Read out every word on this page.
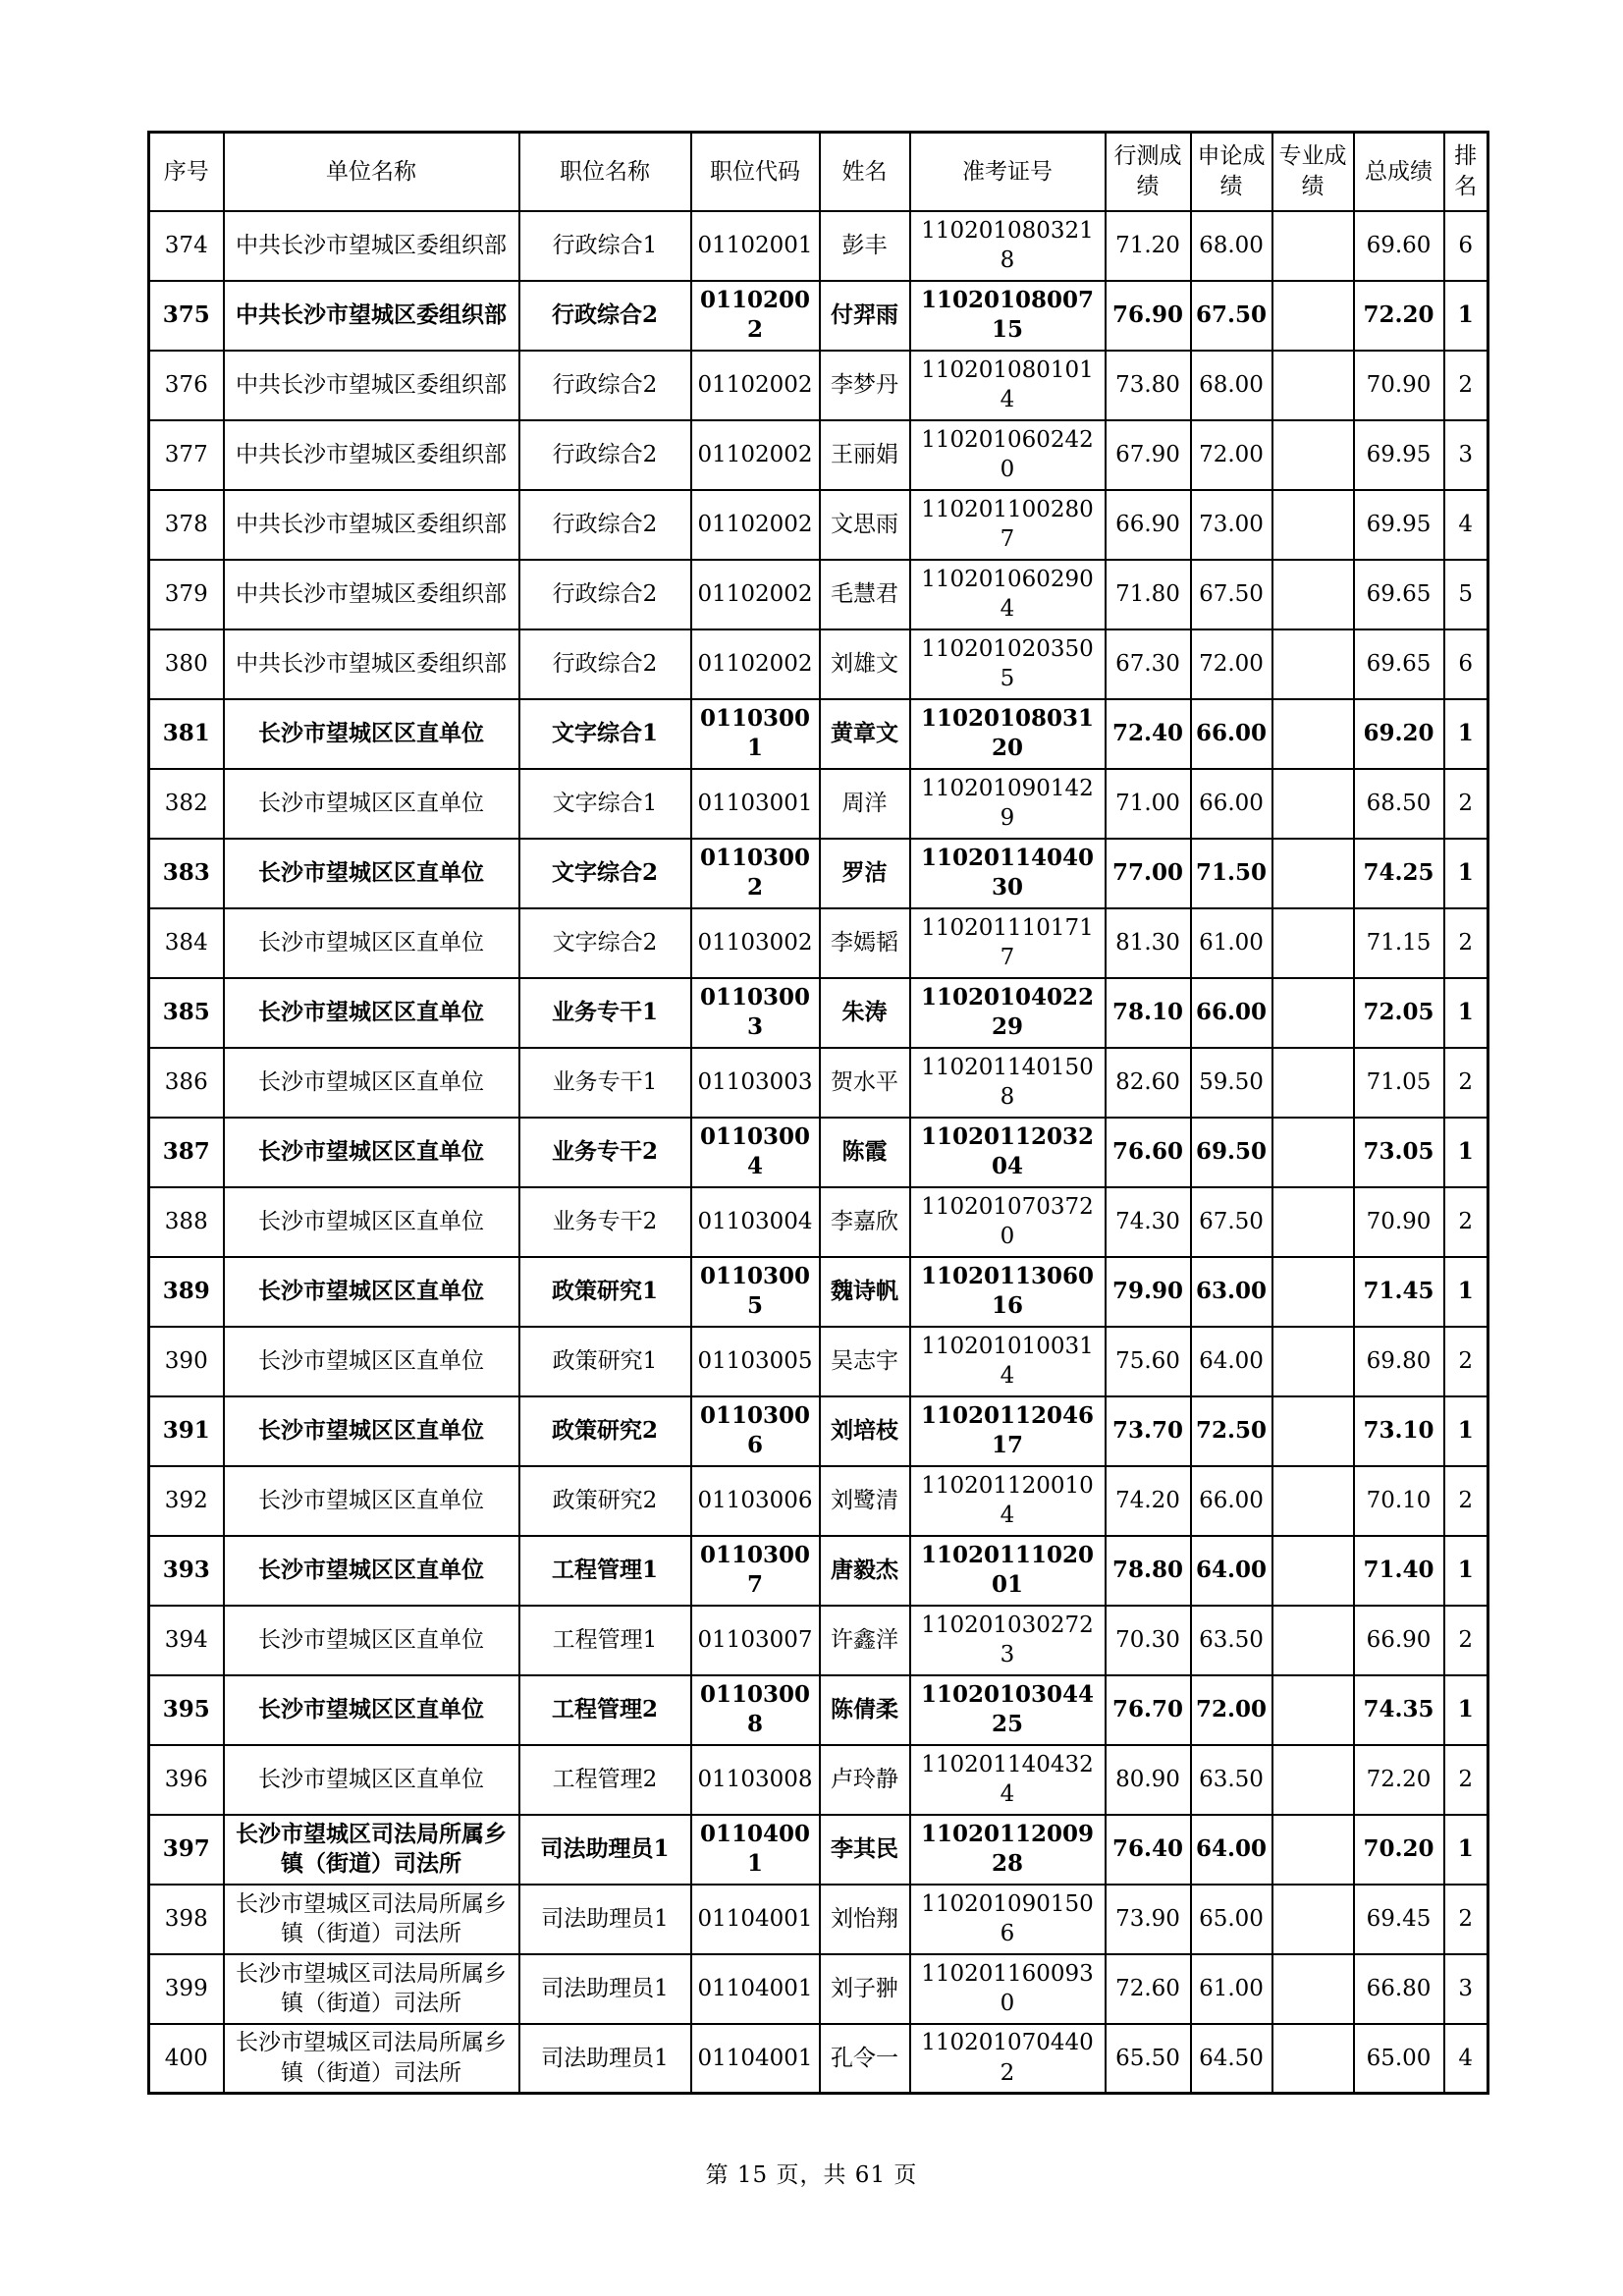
序号	单位名称	职位名称	职位代码	姓名	准考证号	行测成绩	申论成绩	专业成绩	总成绩	排名
374	中共长沙市望城区委组织部	行政综合1	01102001	彭丰	1102010803218	71.20	68.00		69.60	6
375	中共长沙市望城区委组织部	行政综合2	01102002	付羿雨	1102010800715	76.90	67.50		72.20	1
376	中共长沙市望城区委组织部	行政综合2	01102002	李梦丹	1102010801014	73.80	68.00		70.90	2
377	中共长沙市望城区委组织部	行政综合2	01102002	王丽娟	1102010602420	67.90	72.00		69.95	3
378	中共长沙市望城区委组织部	行政综合2	01102002	文思雨	1102011002807	66.90	73.00		69.95	4
379	中共长沙市望城区委组织部	行政综合2	01102002	毛慧君	1102010602904	71.80	67.50		69.65	5
380	中共长沙市望城区委组织部	行政综合2	01102002	刘雄文	1102010203505	67.30	72.00		69.65	6
381	长沙市望城区区直单位	文字综合1	01103001	黄章文	1102010803120	72.40	66.00		69.20	1
382	长沙市望城区区直单位	文字综合1	01103001	周洋	1102010901429	71.00	66.00		68.50	2
383	长沙市望城区区直单位	文字综合2	01103002	罗洁	1102011404030	77.00	71.50		74.25	1
384	长沙市望城区区直单位	文字综合2	01103002	李嫣韬	1102011101717	81.30	61.00		71.15	2
385	长沙市望城区区直单位	业务专干1	01103003	朱涛	1102010402229	78.10	66.00		72.05	1
386	长沙市望城区区直单位	业务专干1	01103003	贺水平	1102011401508	82.60	59.50		71.05	2
387	长沙市望城区区直单位	业务专干2	01103004	陈霞	1102011203204	76.60	69.50		73.05	1
388	长沙市望城区区直单位	业务专干2	01103004	李嘉欣	1102010703720	74.30	67.50		70.90	2
389	长沙市望城区区直单位	政策研究1	01103005	魏诗帆	1102011306016	79.90	63.00		71.45	1
390	长沙市望城区区直单位	政策研究1	01103005	吴志宇	1102010100314	75.60	64.00		69.80	2
391	长沙市望城区区直单位	政策研究2	01103006	刘培枝	1102011204617	73.70	72.50		73.10	1
392	长沙市望城区区直单位	政策研究2	01103006	刘鹭清	1102011200104	74.20	66.00		70.10	2
393	长沙市望城区区直单位	工程管理1	01103007	唐毅杰	1102011102001	78.80	64.00		71.40	1
394	长沙市望城区区直单位	工程管理1	01103007	许鑫洋	1102010302723	70.30	63.50		66.90	2
395	长沙市望城区区直单位	工程管理2	01103008	陈倩柔	1102010304425	76.70	72.00		74.35	1
396	长沙市望城区区直单位	工程管理2	01103008	卢玲静	1102011404324	80.90	63.50		72.20	2
397	长沙市望城区司法局所属乡镇（街道）司法所	司法助理员1	01104001	李其民	1102011200928	76.40	64.00		70.20	1
398	长沙市望城区司法局所属乡镇（街道）司法所	司法助理员1	01104001	刘怡翔	1102010901506	73.90	65.00		69.45	2
399	长沙市望城区司法局所属乡镇（街道）司法所	司法助理员1	01104001	刘子翀	1102011600930	72.60	61.00		66.80	3
400	长沙市望城区司法局所属乡镇（街道）司法所	司法助理员1	01104001	孔令一	1102010704402	65.50	64.50		65.00	4
第 15 页，共 61 页
